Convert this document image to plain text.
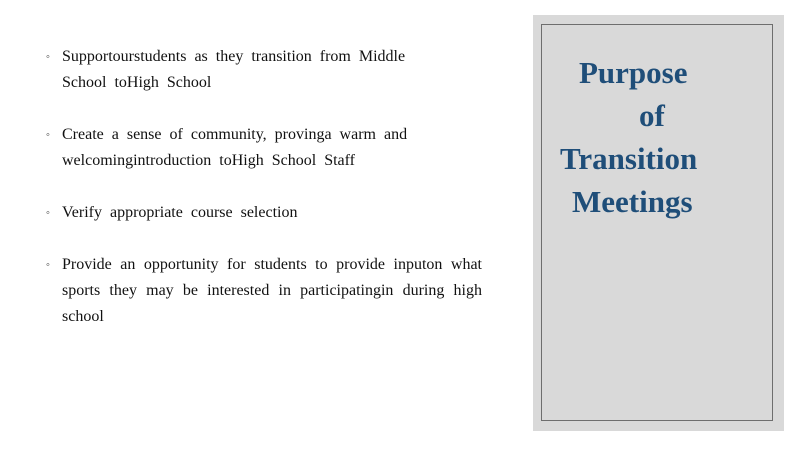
◦ Supportourstudents as they transition from Middle School toHigh School
◦ Create a sense of community, provinga warm and welcomingintroduction toHigh School Staff
◦ Verify appropriate course selection
◦ Provide an opportunity for students to provide inputon what sports they may be interested in participatingin during high school
Purpose
of
Transition
Meetings
